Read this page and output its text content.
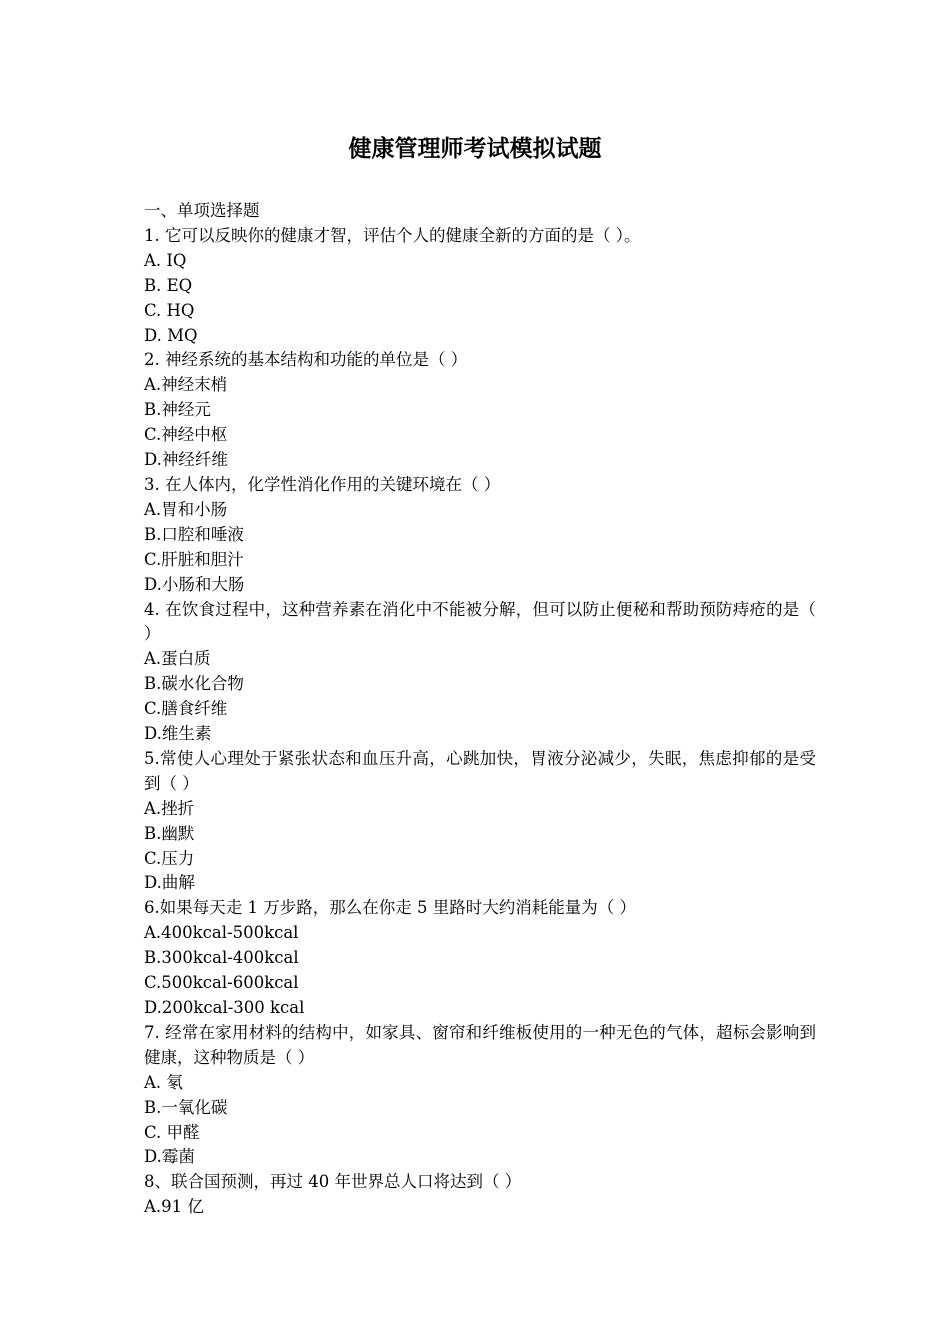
健康管理师考试模拟试题
一、单项选择题
1. 它可以反映你的健康才智，评估个人的健康全新的方面的是（ ）。
A. IQ
B. EQ
C. HQ
D. MQ
2. 神经系统的基本结构和功能的单位是（ ）
A.神经末梢
B.神经元
C.神经中枢
D.神经纤维
3. 在人体内，化学性消化作用的关键环境在（ ）
A.胃和小肠
B.口腔和唾液
C.肝脏和胆汁
D.小肠和大肠
4. 在饮食过程中，这种营养素在消化中不能被分解，但可以防止便秘和帮助预防痔疮的是（ ）
A.蛋白质
B.碳水化合物
C.膳食纤维
D.维生素
5.常使人心理处于紧张状态和血压升高，心跳加快，胃液分泌减少，失眠，焦虑抑郁的是受到（ ）
A.挫折
B.幽默
C.压力
D.曲解
6.如果每天走 1 万步路，那么在你走 5 里路时大约消耗能量为（ ）
A.400kcal-500kcal
B.300kcal-400kcal
C.500kcal-600kcal
D.200kcal-300 kcal
7. 经常在家用材料的结构中，如家具、窗帘和纤维板使用的一种无色的气体，超标会影响到健康，这种物质是（ ）
A. 氡
B.一氧化碳
C. 甲醛
D.霉菌
8、联合国预测，再过 40 年世界总人口将达到（ ）
A.91 亿
